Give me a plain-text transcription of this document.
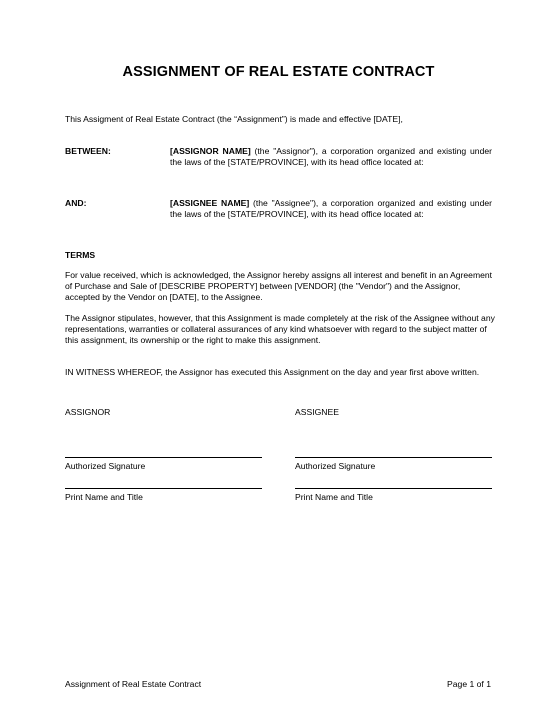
ASSIGNMENT OF REAL ESTATE CONTRACT
This Assigment of Real Estate Contract (the “Assignment”) is made and effective [DATE],
BETWEEN:	[ASSIGNOR NAME] (the "Assignor"), a corporation organized and existing under the laws of the [STATE/PROVINCE], with its head office located at:
AND:	[ASSIGNEE NAME] (the "Assignee"), a corporation organized and existing under the laws of the [STATE/PROVINCE], with its head office located at:
TERMS
For value received, which is acknowledged, the Assignor hereby assigns all interest and benefit in an Agreement of Purchase and Sale of [DESCRIBE PROPERTY] between [VENDOR] (the "Vendor") and the Assignor, accepted by the Vendor on [DATE], to the Assignee.
The Assignor stipulates, however, that this Assignment is made completely at the risk of the Assignee without any representations, warranties or collateral assurances of any kind whatsoever with regard to the subject matter of this assignment, its ownership or the right to make this assignment.
IN WITNESS WHEREOF, the Assignor has executed this Assignment on the day and year first above written.
ASSIGNOR	ASSIGNEE
Authorized Signature	Authorized Signature
Print Name and Title	Print Name and Title
Assignment of Real Estate Contract	Page 1 of 1
